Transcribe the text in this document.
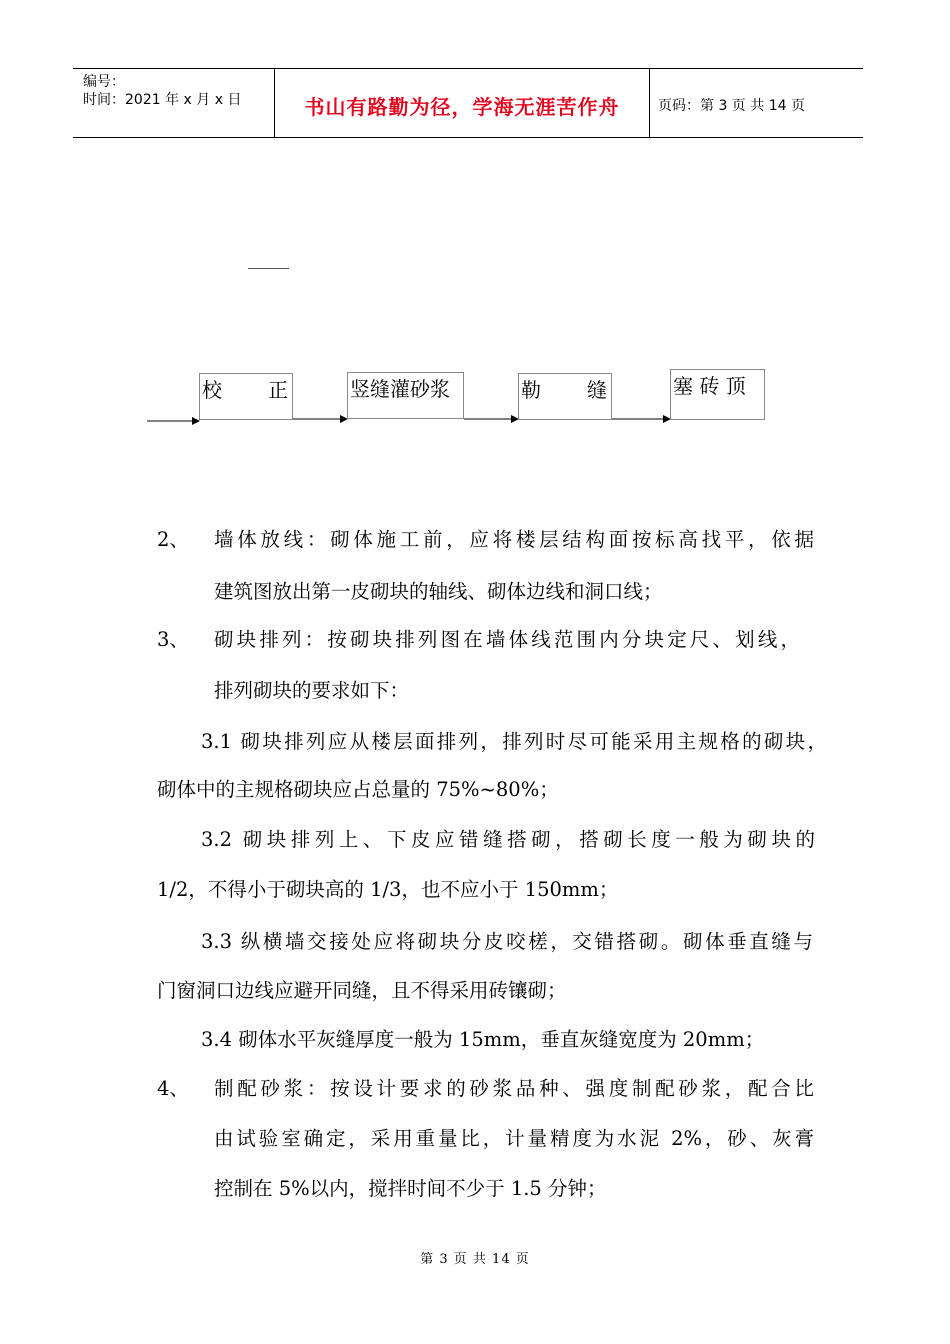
编号：
时间：2021 年 x 月 x 日	书山有路勤为径，学海无涯苦作舟	页码：第 3 页 共 14 页
校 正	竖缝灌砂浆	勒 缝	塞 砖 顶
2、 墙体放线：砌体施工前，应将楼层结构面按标高找平，依据
建筑图放出第一皮砌块的轴线、砌体边线和洞口线；
3、 砌块排列：按砌块排列图在墙体线范围内分块定尺、划线，
排列砌块的要求如下：
3.1 砌块排列应从楼层面排列，排列时尽可能采用主规格的砌块，
砌体中的主规格砌块应占总量的 75%~80%；
3.2 砌块排列上、下皮应错缝搭砌，搭砌长度一般为砌块的
1/2，不得小于砌块高的 1/3，也不应小于 150mm；
3.3 纵横墙交接处应将砌块分皮咬槎，交错搭砌。砌体垂直缝与
门窗洞口边线应避开同缝，且不得采用砖镶砌；
3.4 砌体水平灰缝厚度一般为 15mm，垂直灰缝宽度为 20mm；
4、 制配砂浆：按设计要求的砂浆品种、强度制配砂浆，配合比
由试验室确定，采用重量比，计量精度为水泥 2%，砂、灰膏
控制在 5%以内，搅拌时间不少于 1.5 分钟；
第 3 页 共 14 页
